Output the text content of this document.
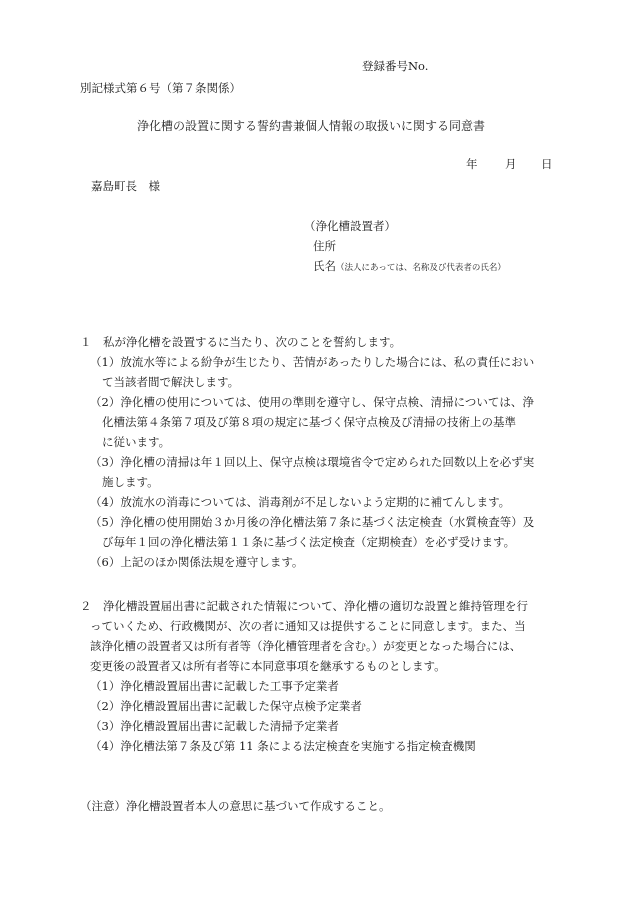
登録番号No.
別記様式第６号（第７条関係）
浄化槽の設置に関する誓約書兼個人情報の取扱いに関する同意書
年 月 日
嘉島町長　様
（浄化槽設置者）
住所
氏名（法人にあっては、名称及び代表者の氏名）
１　私が浄化槽を設置するに当たり、次のことを誓約します。
（1）放流水等による紛争が生じたり、苦情があったりした場合には、私の責任におい
て当該者間で解決します。
（2）浄化槽の使用については、使用の準則を遵守し、保守点検、清掃については、浄
化槽法第４条第７項及び第８項の規定に基づく保守点検及び清掃の技術上の基準
に従います。
（3）浄化槽の清掃は年１回以上、保守点検は環境省令で定められた回数以上を必ず実
施します。
（4）放流水の消毒については、消毒剤が不足しないよう定期的に補てんします。
（5）浄化槽の使用開始３か月後の浄化槽法第７条に基づく法定検査（水質検査等）及
び毎年１回の浄化槽法第１１条に基づく法定検査（定期検査）を必ず受けます。
（6）上記のほか関係法規を遵守します。
２　浄化槽設置届出書に記載された情報について、浄化槽の適切な設置と維持管理を行
っていくため、行政機関が、次の者に通知又は提供することに同意します。また、当
該浄化槽の設置者又は所有者等（浄化槽管理者を含む。）が変更となった場合には、
変更後の設置者又は所有者等に本同意事項を継承するものとします。
（1）浄化槽設置届出書に記載した工事予定業者
（2）浄化槽設置届出書に記載した保守点検予定業者
（3）浄化槽設置届出書に記載した清掃予定業者
（4）浄化槽法第７条及び第 11 条による法定検査を実施する指定検査機関
（注意）浄化槽設置者本人の意思に基づいて作成すること。
